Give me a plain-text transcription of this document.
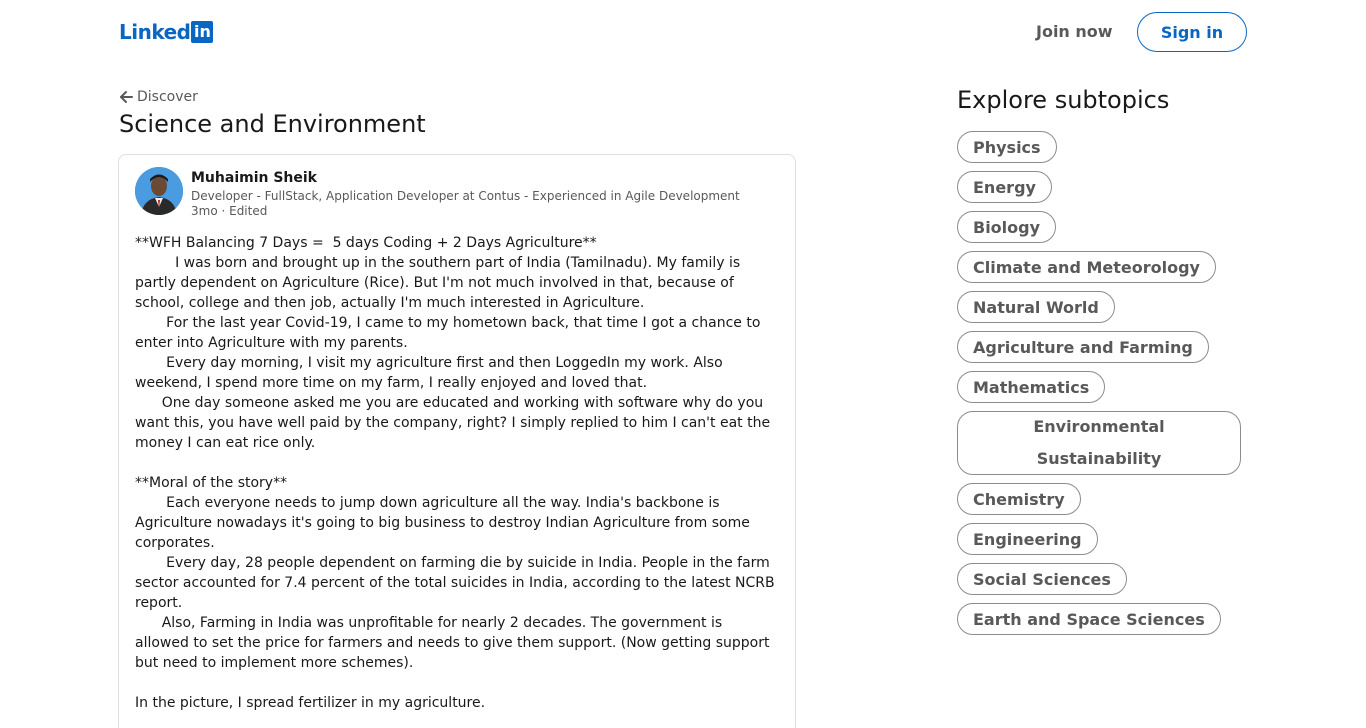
Linked in	Join now	Sign in
Discover
Science and Environment
Muhaimin Sheik
Developer - FullStack, Application Developer at Contus - Experienced in Agile Development
3mo · Edited

**WFH Balancing 7 Days =  5 days Coding + 2 Days Agriculture**

I was born and brought up in the southern part of India (Tamilnadu). My family is

partly dependent on Agriculture (Rice). But I'm not much involved in that, because of

school, college and then job, actually I'm much interested in Agriculture.

For the last year Covid-19, I came to my hometown back, that time I got a chance to

enter into Agriculture with my parents.

Every day morning, I visit my agriculture first and then LoggedIn my work. Also

weekend, I spend more time on my farm, I really enjoyed and loved that.

One day someone asked me you are educated and working with software why do you

want this, you have well paid by the company, right? I simply replied to him I can't eat the

money I can eat rice only.

**Moral of the story**

Each everyone needs to jump down agriculture all the way. India's backbone is

Agriculture nowadays it's going to big business to destroy Indian Agriculture from some

corporates.

Every day, 28 people dependent on farming die by suicide in India. People in the farm

sector accounted for 7.4 percent of the total suicides in India, according to the latest NCRB

report.

Also, Farming in India was unprofitable for nearly 2 decades. The government is

allowed to set the price for farmers and needs to give them support. (Now getting support

but need to implement more schemes).

In the picture, I spread fertilizer in my agriculture.

Explore subtopics
Physics
Energy
Biology
Climate and Meteorology
Natural World
Agriculture and Farming
Mathematics
Environmental
Sustainability
Chemistry
Engineering
Social Sciences
Earth and Space Sciences
